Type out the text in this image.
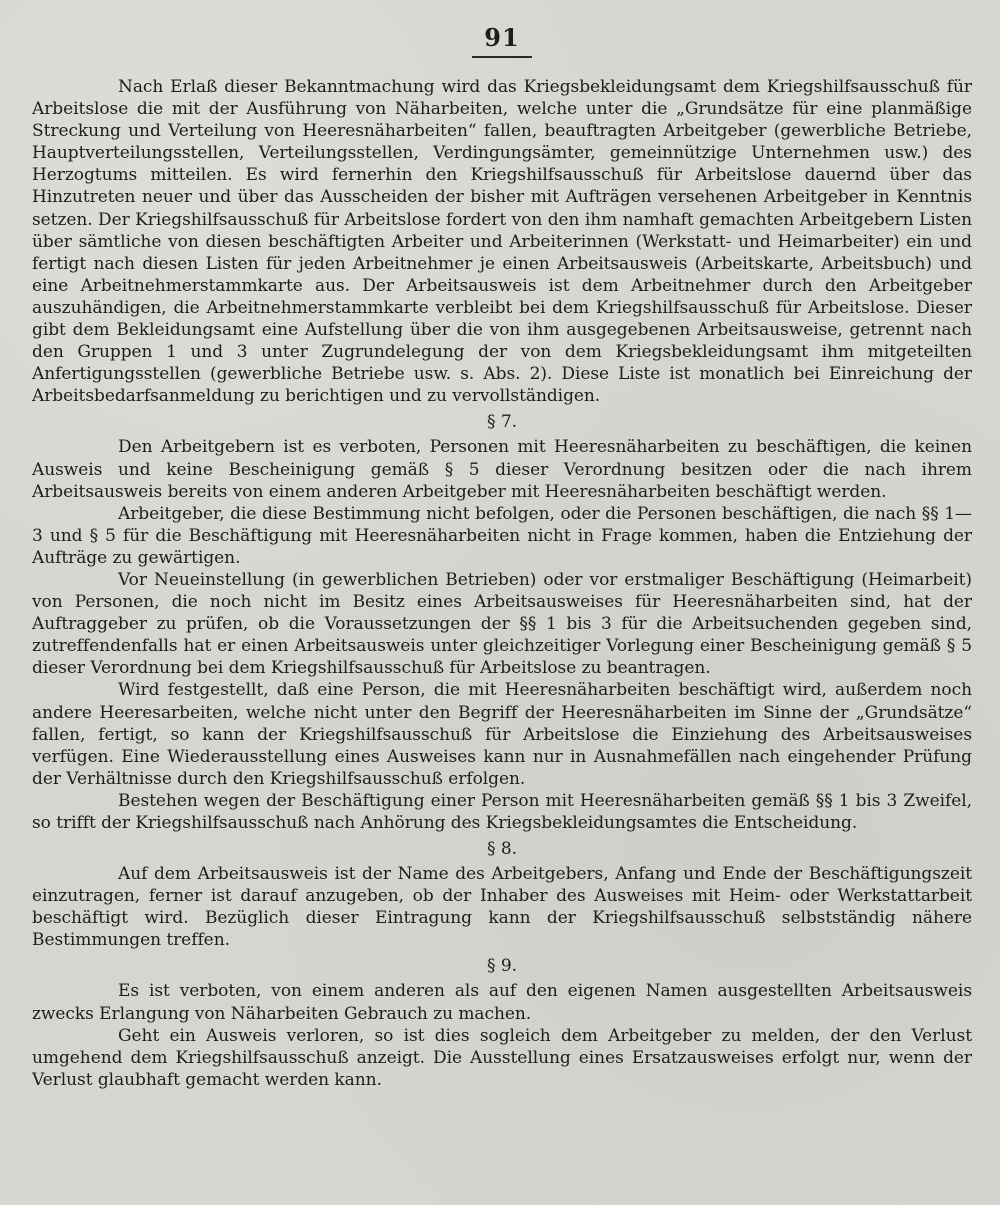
91

Nach Erlaß dieser Bekanntmachung wird das Kriegsbekleidungsamt dem Kriegshilfsausschuß für Arbeitslose die mit der Ausführung von Näharbeiten, welche unter die „Grundsätze für eine planmäßige Streckung und Verteilung von Heeresnäharbeiten“ fallen, beauftragten Arbeitgeber (gewerbliche Betriebe, Hauptverteilungsstellen, Verteilungsstellen, Verdingungsämter, gemeinnützige Unternehmen usw.) des Herzogtums mitteilen. Es wird fernerhin den Kriegshilfsausschuß für Arbeitslose dauernd über das Hinzutreten neuer und über das Ausscheiden der bisher mit Aufträgen versehenen Arbeitgeber in Kenntnis setzen. Der Kriegshilfsausschuß für Arbeitslose fordert von den ihm namhaft gemachten Arbeitgebern Listen über sämtliche von diesen beschäftigten Arbeiter und Arbeiterinnen (Werkstatt- und Heimarbeiter) ein und fertigt nach diesen Listen für jeden Arbeitnehmer je einen Arbeitsausweis (Arbeitskarte, Arbeitsbuch) und eine Arbeitnehmerstammkarte aus. Der Arbeitsausweis ist dem Arbeitnehmer durch den Arbeitgeber auszuhändigen, die Arbeitnehmerstammkarte verbleibt bei dem Kriegshilfsausschuß für Arbeitslose. Dieser gibt dem Bekleidungsamt eine Aufstellung über die von ihm ausgegebenen Arbeitsausweise, getrennt nach den Gruppen 1 und 3 unter Zugrundelegung der von dem Kriegsbekleidungsamt ihm mitgeteilten Anfertigungsstellen (gewerbliche Betriebe usw. s. Abs. 2). Diese Liste ist monatlich bei Einreichung der Arbeitsbedarfsanmeldung zu berichtigen und zu vervollständigen.

§ 7.

Den Arbeitgebern ist es verboten, Personen mit Heeresnäharbeiten zu beschäftigen, die keinen Ausweis und keine Bescheinigung gemäß § 5 dieser Verordnung besitzen oder die nach ihrem Arbeitsausweis bereits von einem anderen Arbeitgeber mit Heeresnäharbeiten beschäftigt werden.

Arbeitgeber, die diese Bestimmung nicht befolgen, oder die Personen beschäftigen, die nach §§ 1—3 und § 5 für die Beschäftigung mit Heeresnäharbeiten nicht in Frage kommen, haben die Entziehung der Aufträge zu gewärtigen.

Vor Neueinstellung (in gewerblichen Betrieben) oder vor erstmaliger Beschäftigung (Heimarbeit) von Personen, die noch nicht im Besitz eines Arbeitsausweises für Heeresnäharbeiten sind, hat der Auftraggeber zu prüfen, ob die Voraussetzungen der §§ 1 bis 3 für die Arbeitsuchenden gegeben sind, zutreffendenfalls hat er einen Arbeitsausweis unter gleichzeitiger Vorlegung einer Bescheinigung gemäß § 5 dieser Verordnung bei dem Kriegshilfsausschuß für Arbeitslose zu beantragen.

Wird festgestellt, daß eine Person, die mit Heeresnäharbeiten beschäftigt wird, außerdem noch andere Heeresarbeiten, welche nicht unter den Begriff der Heeresnäharbeiten im Sinne der „Grundsätze“ fallen, fertigt, so kann der Kriegshilfsausschuß für Arbeitslose die Einziehung des Arbeitsausweises verfügen. Eine Wiederausstellung eines Ausweises kann nur in Ausnahmefällen nach eingehender Prüfung der Verhältnisse durch den Kriegshilfsausschuß erfolgen.

Bestehen wegen der Beschäftigung einer Person mit Heeresnäharbeiten gemäß §§ 1 bis 3 Zweifel, so trifft der Kriegshilfsausschuß nach Anhörung des Kriegsbekleidungsamtes die Entscheidung.

§ 8.

Auf dem Arbeitsausweis ist der Name des Arbeitgebers, Anfang und Ende der Beschäftigungszeit einzutragen, ferner ist darauf anzugeben, ob der Inhaber des Ausweises mit Heim- oder Werkstattarbeit beschäftigt wird. Bezüglich dieser Eintragung kann der Kriegshilfsausschuß selbstständig nähere Bestimmungen treffen.

§ 9.

Es ist verboten, von einem anderen als auf den eigenen Namen ausgestellten Arbeitsausweis zwecks Erlangung von Näharbeiten Gebrauch zu machen.

Geht ein Ausweis verloren, so ist dies sogleich dem Arbeitgeber zu melden, der den Verlust umgehend dem Kriegshilfsausschuß anzeigt. Die Ausstellung eines Ersatzausweises erfolgt nur, wenn der Verlust glaubhaft gemacht werden kann.
